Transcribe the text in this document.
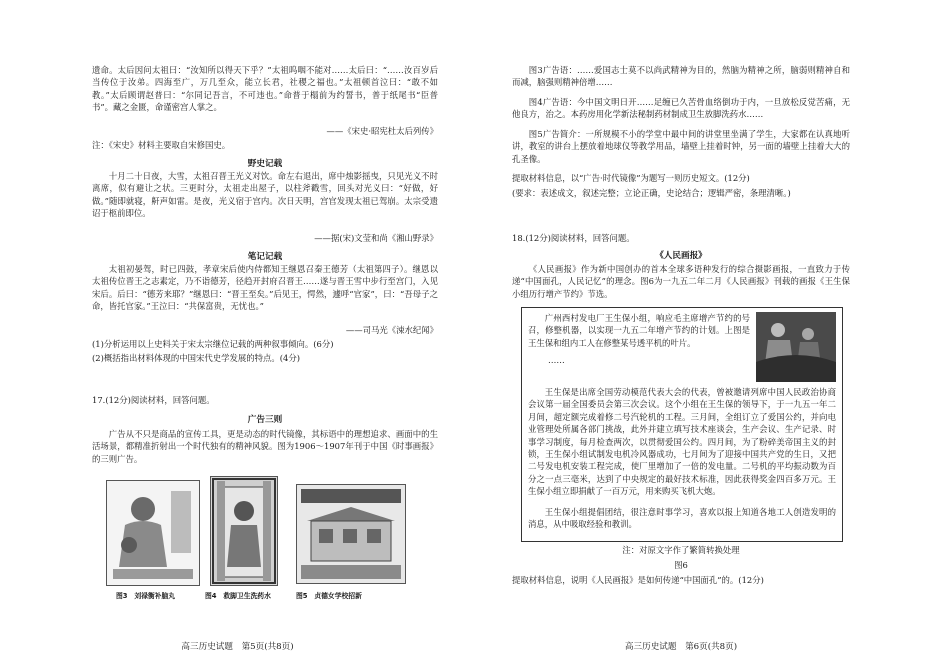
遗命。太后因问太祖曰：“汝知所以得天下乎？”太祖呜咽不能对……太后曰：“……汝百岁后当传位于汝弟。四海至广，万几至众，能立长君，社稷之福也。”太祖顿首泣曰：“敢不如教。”太后顾谓赵普曰：“尔同记吾言，不可违也。”命普于榻前为约誓书，普于纸尾书“臣普书”。藏之金匮，命谨密宫人掌之。

——《宋史·昭宪杜太后列传》

注：《宋史》材料主要取自宋修国史。

野史记载

十月二十日夜，大雪，太祖召晋王光义对饮。命左右退出，席中烛影摇曳，只见光义不时离席，似有避让之状。三更时分，太祖走出屋子，以柱斧戳雪，回头对光义曰：“好做，好做。”随即就寝，鼾声如雷。是夜，光义宿于宫内。次日天明，宫官发现太祖已驾崩。太宗受遗诏于柩前即位。

——据(宋)文莹和尚《湘山野录》

笔记记载

太祖初晏驾，时已四鼓，孝章宋后使内侍都知王继恩召秦王德芳（太祖第四子）。继恩以太祖传位晋王之志素定，乃不诣德芳，径趋开封府召晋王……遂与晋王雪中步行至宫门，入见宋后。后曰：“德芳来耶？”继恩曰：“晋王至矣。”后见王，愕然，遽呼“官家”，曰：“吾母子之命，皆托官家。”王泣曰：“共保富贵，无忧也。”

——司马光《涑水纪闻》

(1)分析运用以上史料关于宋太宗继位记载的两种叙事倾向。(6分)

(2)概括指出材料体现的中国宋代史学发展的特点。(4分)

17.(12分)阅读材料，回答问题。

广告三则

广告从不只是商品的宣传工具，更是动态的时代镜像，其标语中的理想追求、画面中的生活场景，都精准折射出一个时代独有的精神风貌。图为1906～1907年刊于中国《时事画报》的三则广告。

图3　刘禄衡补脑丸	图4　救脚卫生洗药水	图5　贞德女学校招新
高三历史试题　第5页(共8页)

图3广告语：……爱国志士莫不以尚武精神为目的，然脑为精神之所，脑弱则精神自和而减，脑强则精神倍增……

图4广告语：今中国文明日开……足缠已久苦骨血络倒功于内，一旦放松反觉苦痛，无他良方，治之。本药房用化学新法秘制药材制成卫生放脚洗药水……

图5广告简介：一所规模不小的学堂中最中间的讲堂里坐满了学生，大家都在认真地听讲，教室的讲台上摆放着地球仪等教学用品，墙壁上挂着时钟，另一面的墙壁上挂着大大的孔圣像。

提取材料信息，以“广告·时代镜像”为题写一则历史短文。(12分)

(要求：表述成文，叙述完整；立论正确，史论结合；逻辑严密，条理清晰。)

18.(12分)阅读材料，回答问题。

《人民画报》

《人民画报》作为新中国创办的首本全球多语种发行的综合摄影画报，一直致力于传递“中国面孔，人民记忆”的理念。图6为一九五二年二月《人民画报》刊载的画报《王生保小组历行增产节约》节选。

广州西村发电厂王生保小组，响应毛主席增产节约的号召，修整机器，以实现一九五二年增产节约的计划。上图是王生保和组内工人在修整某号透平机的叶片。

……

王生保是出席全国劳动模范代表大会的代表，曾被邀请列席中国人民政治协商会议第一届全国委员会第三次会议。这个小组在王生保的领导下，于一九五一年二月间，超定额完成着修二号汽轮机的工程。三月间，全组订立了爱国公约，并向电业管理处所属各部门挑战，此外并建立填写技术座谈会，生产会议、生产记录、时事学习制度，每月检查两次，以贯彻爱国公约。四月间，为了粉碎美帝国主义的封锁，王生保小组试制发电机冷风器成功，七月间为了迎接中国共产党的生日，又把二号发电机安装工程完成，使厂里增加了一倍的发电量。二号机的平均振动数为百分之一点三毫米，达到了中央规定的最好技术标准，因此获得奖金四百多万元。王生保小组立即捐献了一百万元，用来购买飞机大炮。

王生保小组提倡团结，很注意时事学习，喜欢以报上知道各地工人创造发明的消息，从中吸取经验和教训。

注：对原文字作了繁简转换处理

图6

提取材料信息，说明《人民画报》是如何传递“中国面孔”的。(12分)

高三历史试题　第6页(共8页)
